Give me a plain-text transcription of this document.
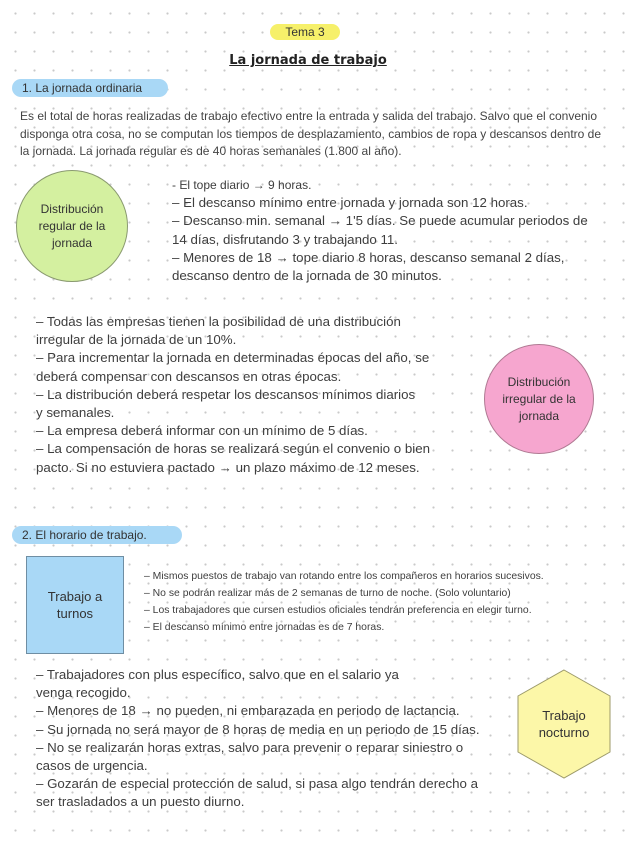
Tema 3
La jornada de trabajo
1. La jornada ordinaria
Es el total de horas realizadas de trabajo efectivo entre la entrada y salida del trabajo. Salvo que el convenio disponga otra cosa, no se computan los tiempos de desplazamiento, cambios de ropa y descansos dentro de la jornada. La jornada regular es de 40 horas semanales (1.800 al año).
Distribución regular de la jornada
- El tope diario → 9 horas.
– El descanso mínimo entre jornada y jornada son 12 horas.
– Descanso min. semanal → 1'5 días. Se puede acumular periodos de
14 días, disfrutando 3 y trabajando 11.
– Menores de 18 → tope diario 8 horas, descanso semanal 2 días,
descanso dentro de la jornada de 30 minutos.
– Todas las empresas tienen la posibilidad de una distribución
irregular de la jornada de un 10%.
– Para incrementar la jornada en determinadas épocas del año, se
deberá compensar con descansos en otras épocas.
– La distribución deberá respetar los descansos mínimos diarios
y semanales.
– La empresa deberá informar con un mínimo de 5 días.
– La compensación de horas se realizará según el convenio o bien
pacto. Si no estuviera pactado → un plazo máximo de 12 meses.
Distribución irregular de la jornada
2. El horario de trabajo.
Trabajo a turnos
– Mismos puestos de trabajo van rotando entre los compañeros en horarios sucesivos.
– No se podrán realizar más de 2 semanas de turno de noche. (Solo voluntario)
– Los trabajadores que cursen estudios oficiales tendrán preferencia en elegir turno.
– El descanso mínimo entre jornadas es de 7 horas.
– Trabajadores con plus específico, salvo que en el salario ya
venga recogido.
– Menores de 18 → no pueden, ni embarazada en periodo de lactancia.
– Su jornada no será mayor de 8 horas de media en un periodo de 15 días.
– No se realizarán horas extras, salvo para prevenir o reparar siniestro o
casos de urgencia.
– Gozarán de especial protección de salud, si pasa algo tendrán derecho a
ser trasladados a un puesto diurno.
Trabajo nocturno
